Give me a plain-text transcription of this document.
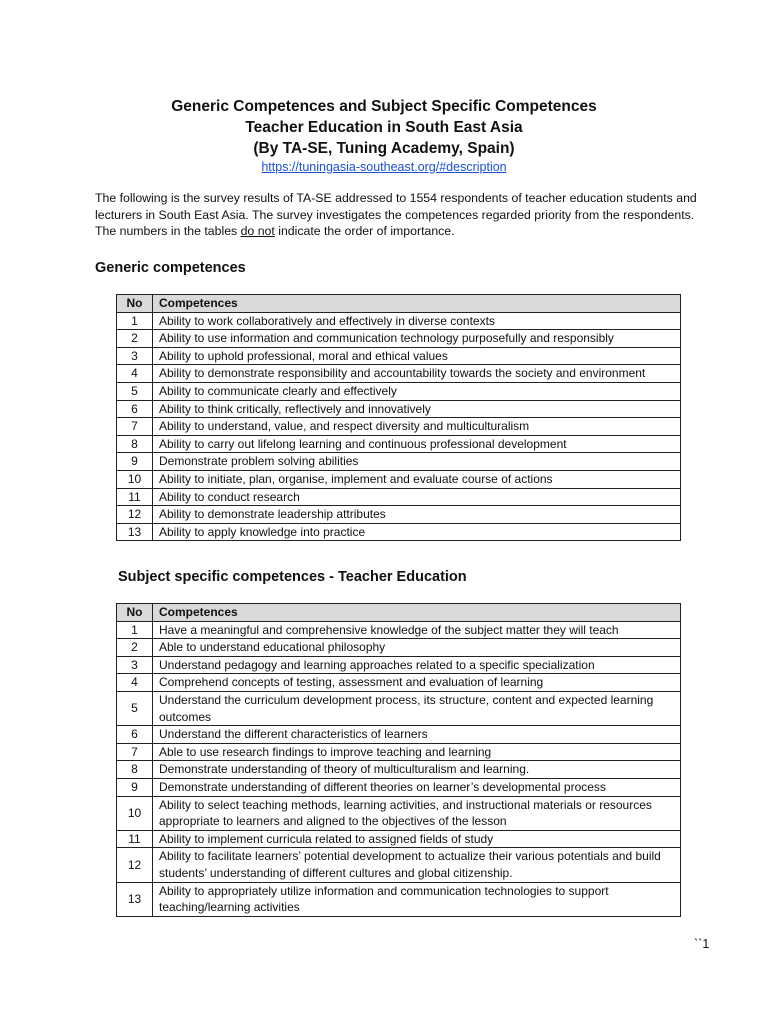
Generic Competences and Subject Specific Competences
Teacher Education in South East Asia
(By TA-SE, Tuning Academy, Spain)
https://tuningasia-southeast.org/#description
The following is the survey results of TA-SE addressed to 1554 respondents of teacher education students and lecturers in South East Asia. The survey investigates the competences regarded priority from the respondents. The numbers in the tables do not indicate the order of importance.
Generic competences
No	Competences
1	Ability to work collaboratively and effectively in diverse contexts
2	Ability to use information and communication technology purposefully and responsibly
3	Ability to uphold professional, moral and ethical values
4	Ability to demonstrate responsibility and accountability towards the society and environment
5	Ability to communicate clearly and effectively
6	Ability to think critically, reflectively and innovatively
7	Ability to understand, value, and respect diversity and multiculturalism
8	Ability to carry out lifelong learning and continuous professional development
9	Demonstrate problem solving abilities
10	Ability to initiate, plan, organise, implement and evaluate course of actions
11	Ability to conduct research
12	Ability to demonstrate leadership attributes
13	Ability to apply knowledge into practice
Subject specific competences - Teacher Education
No	Competences
1	Have a meaningful and comprehensive knowledge of the subject matter they will teach
2	Able to understand educational philosophy
3	Understand pedagogy and learning approaches related to a specific specialization
4	Comprehend concepts of testing, assessment and evaluation of learning
5	Understand the curriculum development process, its structure, content and expected learning outcomes
6	Understand the different characteristics of learners
7	Able to use research findings to improve teaching and learning
8	Demonstrate understanding of theory of multiculturalism and learning.
9	Demonstrate understanding of different theories on learner’s developmental process
10	Ability to select teaching methods, learning activities, and instructional materials or resources appropriate to learners and aligned to the objectives of the lesson
11	Ability to implement curricula related to assigned fields of study
12	Ability to facilitate learners’ potential development to actualize their various potentials and build students’ understanding of different cultures and global citizenship.
13	Ability to appropriately utilize information and communication technologies to support teaching/learning activities
``1
